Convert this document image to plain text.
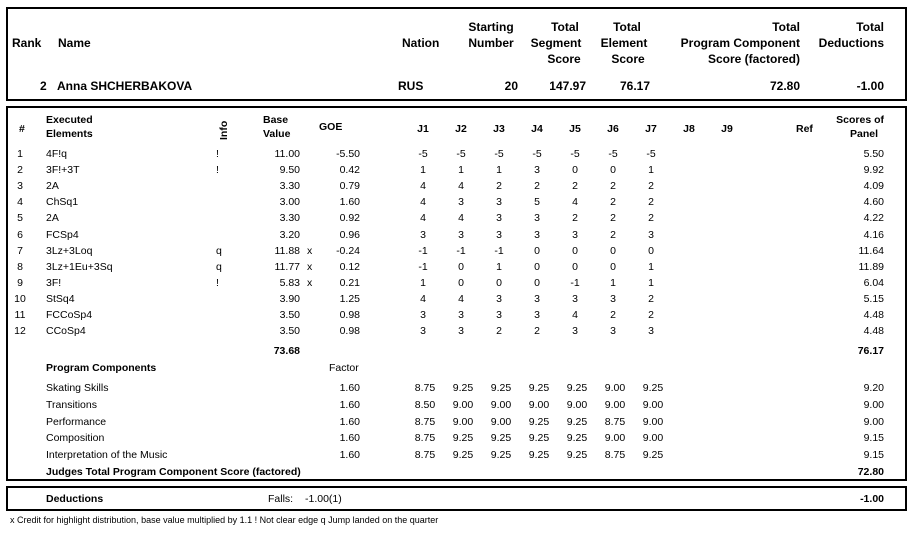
Rank Name	Nation
Starting
Number
Total
Segment
Score
Total
Element
Score
Total
Program Component
Score (factored)
Total
Deductions
2 Anna SHCHERBAKOVA	RUS	20	147.97	76.17	72.80	-1.00
#
Executed
Elements	Info
Base
Value
GOE	J1	J2	J3	J4	J5	J6	J7	J8	J9	Ref
Scores of
Panel
1	4F!q	!	11.00	-5.50	-5	-5	-5	-5	-5	-5	-5	5.50
2	3F!+3T	!	9.50	0.42	1	1	1	3	0	0	1	9.92
3	2A	3.30	0.79	4	4	2	2	2	2	2	4.09
4	ChSq1	3.00	1.60	4	3	3	5	4	2	2	4.60
5	2A	3.30	0.92	4	4	3	3	2	2	2	4.22
6	FCSp4	3.20	0.96	3	3	3	3	3	2	3	4.16
7	3Lz+3Loq	q	11.88 x	-0.24	-1	-1	-1	0	0	0	0	11.64
8	3Lz+1Eu+3Sq	q	11.77 x	0.12	-1	0	1	0	0	0	1	11.89
9	3F!	!	5.83 x	0.21	1	0	0	0	-1	1	1	6.04
10	StSq4	3.90	1.25	4	4	3	3	3	3	2	5.15
11	FCCoSp4	3.50	0.98	3	3	3	3	4	2	2	4.48
12	CCoSp4	3.50	0.98	3	3	2	2	3	3	3	4.48
73.68	76.17
Program Components	Factor
Skating Skills	1.60	8.75	9.25	9.25	9.25	9.25	9.00	9.25	9.20
Transitions	1.60	8.50	9.00	9.00	9.00	9.00	9.00	9.00	9.00
Performance	1.60	8.75	9.00	9.00	9.25	9.25	8.75	9.00	9.00
Composition	1.60	8.75	9.25	9.25	9.25	9.25	9.00	9.00	9.15
Interpretation of the Music	1.60	8.75	9.25	9.25	9.25	9.25	8.75	9.25	9.15
Judges Total Program Component Score (factored)	72.80
Deductions	Falls: -1.00(1)	-1.00
x Credit for highlight distribution, base value multiplied by 1.1 ! Not clear edge q Jump landed on the quarter
